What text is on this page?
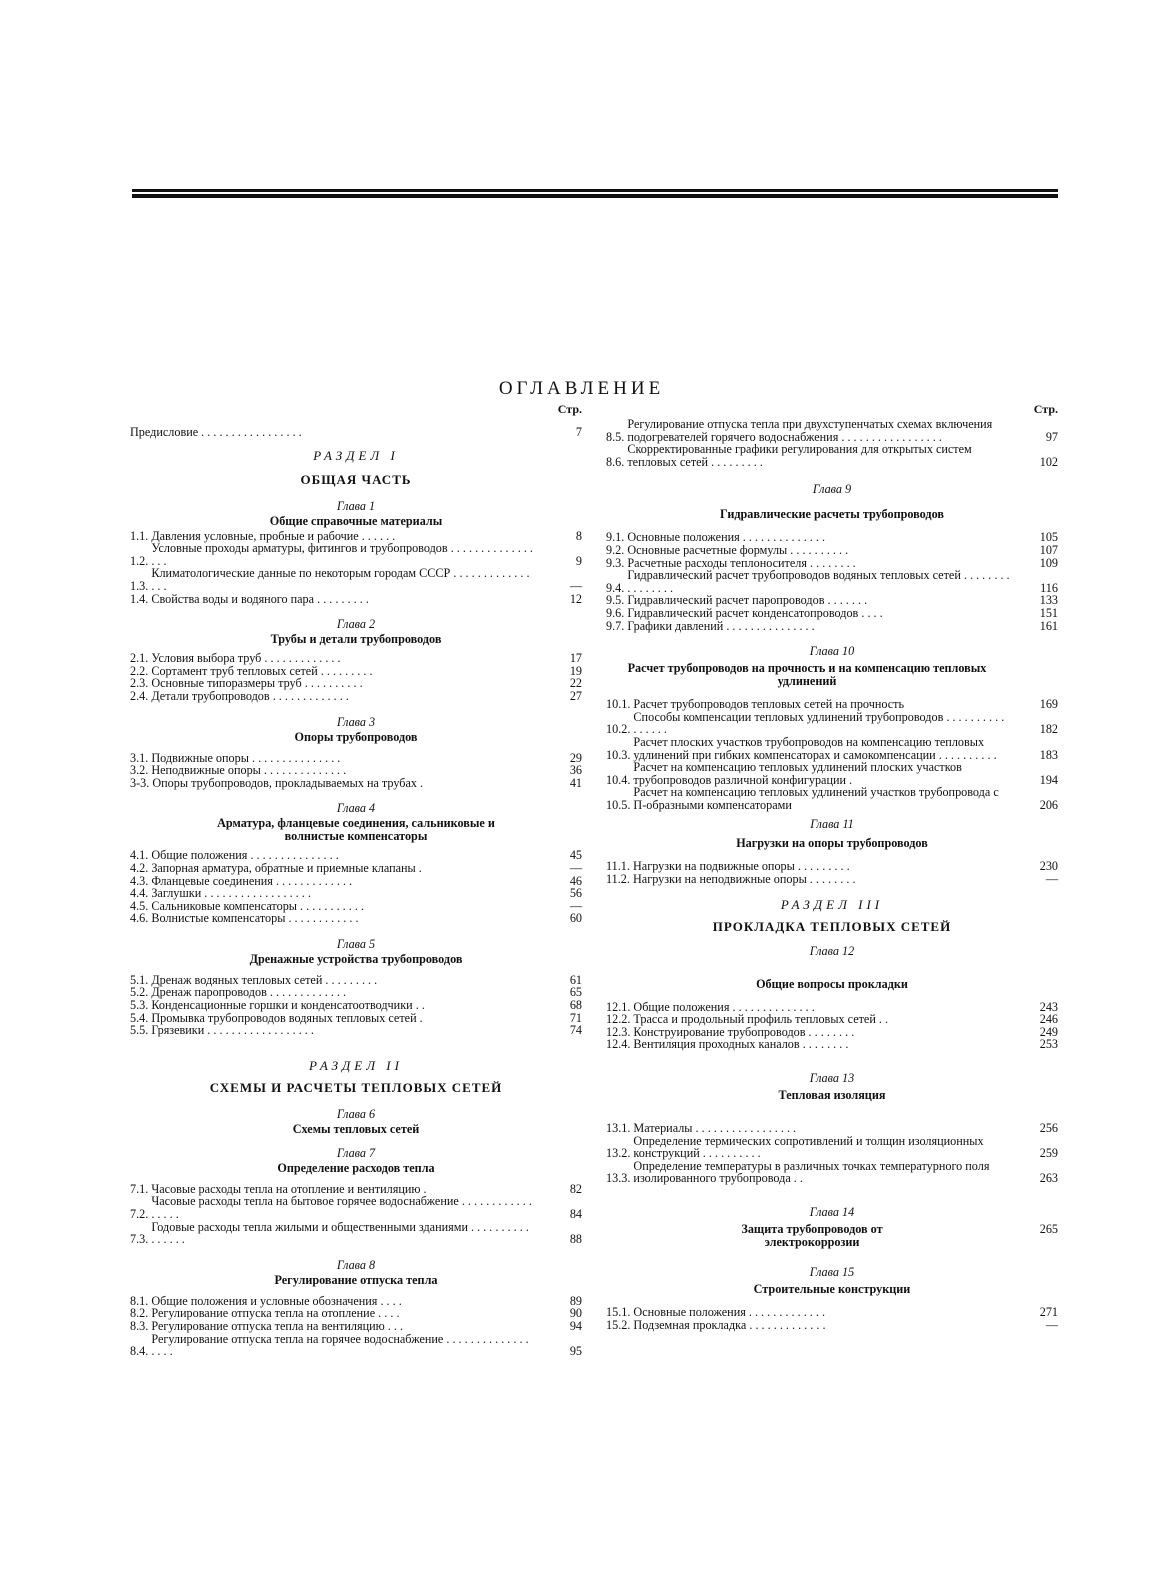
ОГЛАВЛЕНИЕ
Стр.
Предисловие . . . . . . . . . . . . . . . . .	7
РАЗДЕЛ I
ОБЩАЯ ЧАСТЬ
Глава 1
Общие справочные материалы
1.1. Давления условные, пробные и рабочие . . . . . .	8
1.2.
Условные проходы арматуры, фитингов и трубопроводов . . . . . . . . . . . . . . . . .	9
1.3.
Климатологические данные по некоторым городам СССР . . . . . . . . . . . . . . . .	—
1.4. Свойства воды и водяного пара . . . . . . . . .	12
Глава 2
Трубы и детали трубопроводов
2.1. Условия выбора труб . . . . . . . . . . . . .	17
2.2. Сортамент труб тепловых сетей . . . . . . . . .	19
2.3. Основные типоразмеры труб . . . . . . . . . .	22
2.4. Детали трубопроводов . . . . . . . . . . . . .	27
Глава 3
Опоры трубопроводов
3.1. Подвижные опоры . . . . . . . . . . . . . . .	29
3.2. Неподвижные опоры . . . . . . . . . . . . . .	36
3-3. Опоры трубопроводов, прокладываемых на трубах .	41
Глава 4
Арматура, фланцевые соединения, сальниковые и волнистые компенсаторы
4.1. Общие положения . . . . . . . . . . . . . . .	45
4.2. Запорная арматура, обратные и приемные клапаны .	—
4.3. Фланцевые соединения . . . . . . . . . . . . .	46
4.4. Заглушки . . . . . . . . . . . . . . . . . .	56
4.5. Сальниковые компенсаторы . . . . . . . . . . .	—
4.6. Волнистые компенсаторы . . . . . . . . . . . .	60
Глава 5
Дренажные устройства трубопроводов
5.1. Дренаж водяных тепловых сетей . . . . . . . . .	61
5.2. Дренаж паропроводов . . . . . . . . . . . . .	65
5.3. Конденсационные горшки и конденсатоотводчики . .	68
5.4. Промывка трубопроводов водяных тепловых сетей .	71
5.5. Грязевики . . . . . . . . . . . . . . . . . .	74
РАЗДЕЛ II
СХЕМЫ И РАСЧЕТЫ ТЕПЛОВЫХ СЕТЕЙ
Глава 6
Схемы тепловых сетей
Глава 7
Определение расходов тепла
7.1. Часовые расходы тепла на отопление и вентиляцию .	82
7.2.
Часовые расходы тепла на бытовое горячее водоснабжение . . . . . . . . . . . . . . . . .	84
7.3.
Годовые расходы тепла жилыми и общественными зданиями . . . . . . . . . . . . . . . .	88
Глава 8
Регулирование отпуска тепла
8.1. Общие положения и условные обозначения . . . .	89
8.2. Регулирование отпуска тепла на отопление . . . .	90
8.3. Регулирование отпуска тепла на вентиляцию . . .	94
8.4.
Регулирование отпуска тепла на горячее водоснабжение . . . . . . . . . . . . . . . . . .	95
Стр.
8.5.
Регулирование отпуска тепла при двухступенчатых схемах включения подогревателей горячего водоснабжения . . . . . . . . . . . . . . . . .	97
8.6.
Скорректированные графики регулирования для открытых систем тепловых сетей . . . . . . . . .	102
Глава 9
Гидравлические расчеты трубопроводов
9.1. Основные положения . . . . . . . . . . . . . .	105
9.2. Основные расчетные формулы . . . . . . . . . .	107
9.3. Расчетные расходы теплоносителя . . . . . . . .	109
9.4.
Гидравлический расчет трубопроводов водяных тепловых сетей . . . . . . . . . . . . . . . .	116
9.5. Гидравлический расчет паропроводов . . . . . . .	133
9.6. Гидравлический расчет конденсатопроводов . . . .	151
9.7. Графики давлений . . . . . . . . . . . . . . .	161
Глава 10
Расчет трубопроводов на прочность и на компенсацию тепловых удлинений
10.1. Расчет трубопроводов тепловых сетей на прочность	169
10.2.
Способы компенсации тепловых удлинений трубопроводов . . . . . . . . . . . . . . . .	182
10.3.
Расчет плоских участков трубопроводов на компенсацию тепловых удлинений при гибких компенсаторах и самокомпенсации . . . . . . . . . .	183
10.4.
Расчет на компенсацию тепловых удлинений плоских участков трубопроводов различной конфигурации .	194
10.5.
Расчет на компенсацию тепловых удлинений участков трубопровода с П-образными компенсаторами	206
Глава 11
Нагрузки на опоры трубопроводов
11.1. Нагрузки на подвижные опоры . . . . . . . . .	230
11.2. Нагрузки на неподвижные опоры . . . . . . . .	—
РАЗДЕЛ III
ПРОКЛАДКА ТЕПЛОВЫХ СЕТЕЙ
Глава 12
Общие вопросы прокладки
12.1. Общие положения . . . . . . . . . . . . . .	243
12.2. Трасса и продольный профиль тепловых сетей . .	246
12.3. Конструирование трубопроводов . . . . . . . .	249
12.4. Вентиляция проходных каналов . . . . . . . .	253
Глава 13
Тепловая изоляция
13.1. Материалы . . . . . . . . . . . . . . . . .	256
13.2.
Определение термических сопротивлений и толщин изоляционных конструкций . . . . . . . . . .	259
13.3.
Определение температуры в различных точках температурного поля изолированного трубопровода . .	263
Глава 14
Защита трубопроводов от электрокоррозии
265
Глава 15
Строительные конструкции
15.1. Основные положения . . . . . . . . . . . . .	271
15.2. Подземная прокладка . . . . . . . . . . . . .	—
